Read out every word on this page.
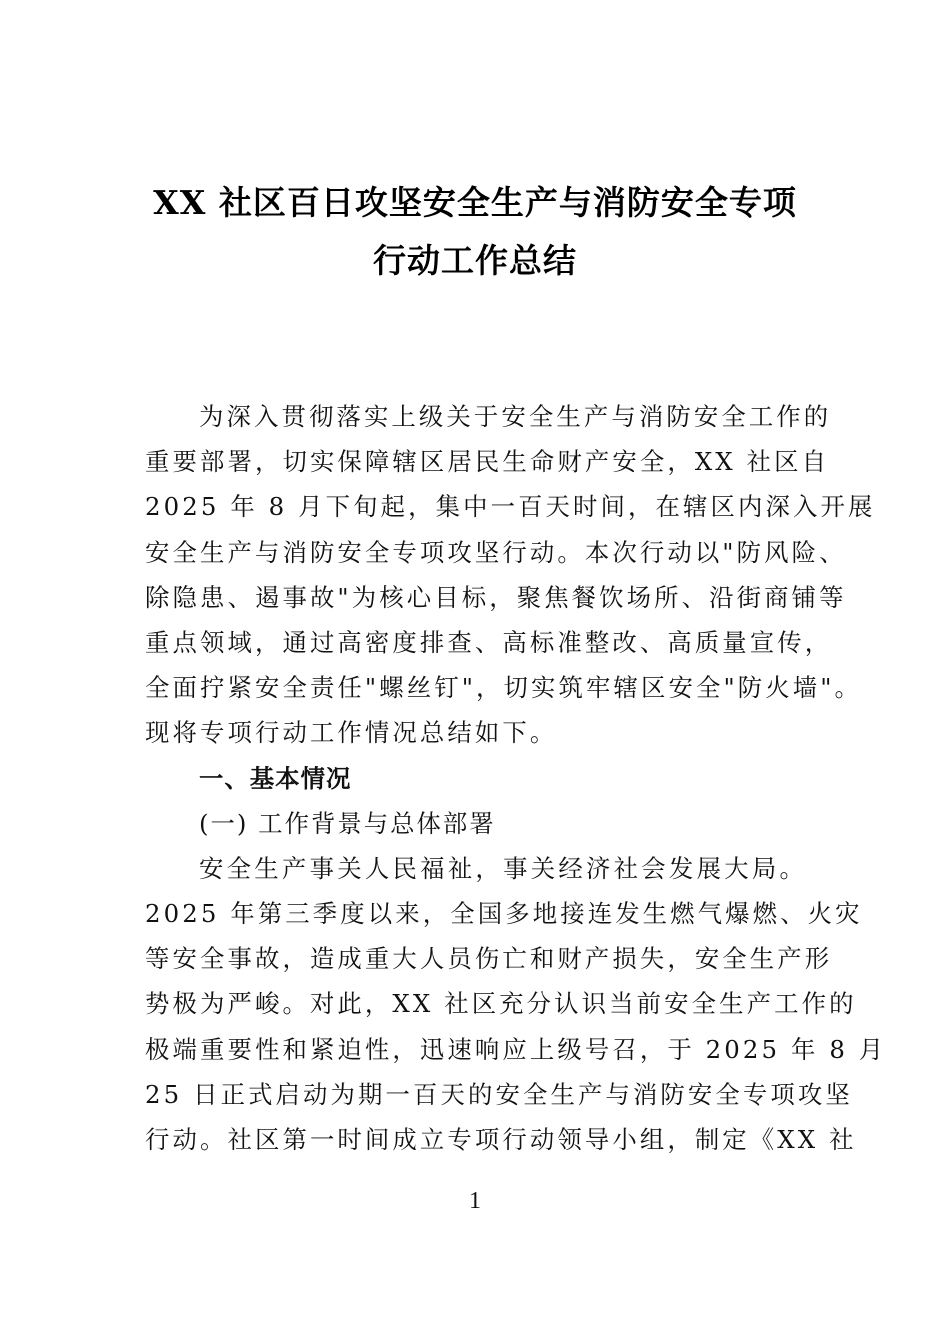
XX 社区百日攻坚安全生产与消防安全专项
行动工作总结
为深入贯彻落实上级关于安全生产与消防安全工作的
重要部署，切实保障辖区居民生命财产安全，XX 社区自
2025 年 8 月下旬起，集中一百天时间，在辖区内深入开展
安全生产与消防安全专项攻坚行动。本次行动以"防风险、
除隐患、遏事故"为核心目标，聚焦餐饮场所、沿街商铺等
重点领域，通过高密度排查、高标准整改、高质量宣传，
全面拧紧安全责任"螺丝钉"，切实筑牢辖区安全"防火墙"。
现将专项行动工作情况总结如下。
一、基本情况
(一) 工作背景与总体部署
安全生产事关人民福祉，事关经济社会发展大局。
2025 年第三季度以来，全国多地接连发生燃气爆燃、火灾
等安全事故，造成重大人员伤亡和财产损失，安全生产形
势极为严峻。对此，XX 社区充分认识当前安全生产工作的
极端重要性和紧迫性，迅速响应上级号召，于 2025 年 8 月
25 日正式启动为期一百天的安全生产与消防安全专项攻坚
行动。社区第一时间成立专项行动领导小组，制定《XX 社
1
